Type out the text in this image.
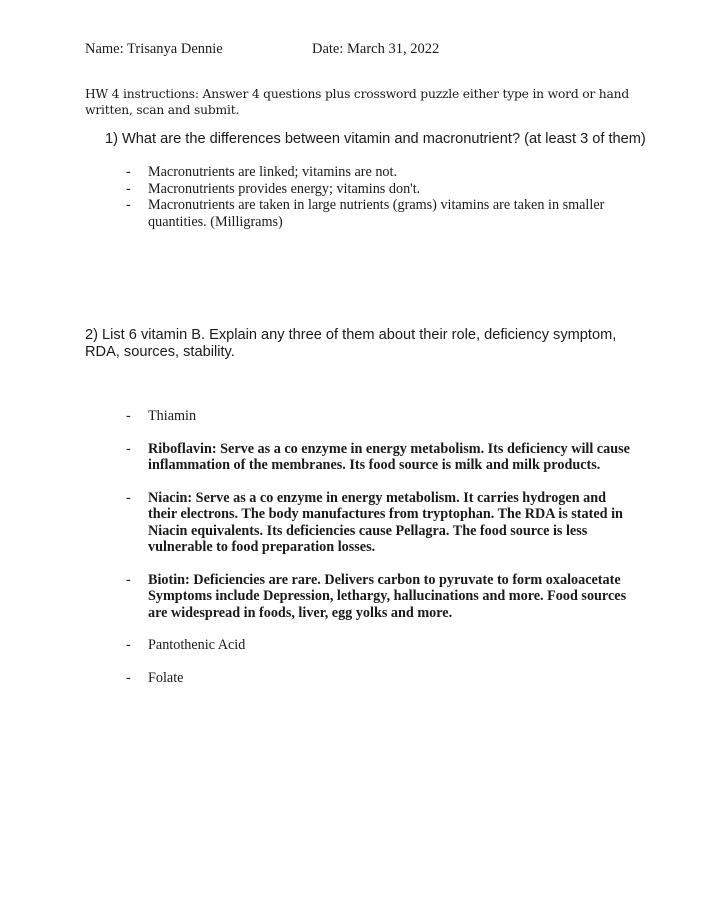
Name: Trisanya Dennie	Date: March 31, 2022
HW 4 instructions: Answer 4 questions plus crossword puzzle either type in word or hand written, scan and submit.
1) What are the differences between vitamin and macronutrient? (at least 3 of them)
- Macronutrients are linked; vitamins are not.
- Macronutrients provides energy; vitamins don't.
- Macronutrients are taken in large nutrients (grams) vitamins are taken in smaller quantities. (Milligrams)
2) List 6 vitamin B. Explain any three of them about their role, deficiency symptom, RDA, sources, stability.
- Thiamin
- Riboflavin: Serve as a co enzyme in energy metabolism. Its deficiency will cause inflammation of the membranes. Its food source is milk and milk products.
- Niacin: Serve as a co enzyme in energy metabolism. It carries hydrogen and their electrons. The body manufactures from tryptophan. The RDA is stated in Niacin equivalents. Its deficiencies cause Pellagra. The food source is less vulnerable to food preparation losses.
- Biotin: Deficiencies are rare. Delivers carbon to pyruvate to form oxaloacetate Symptoms include Depression, lethargy, hallucinations and more. Food sources are widespread in foods, liver, egg yolks and more.
- Pantothenic Acid
- Folate
